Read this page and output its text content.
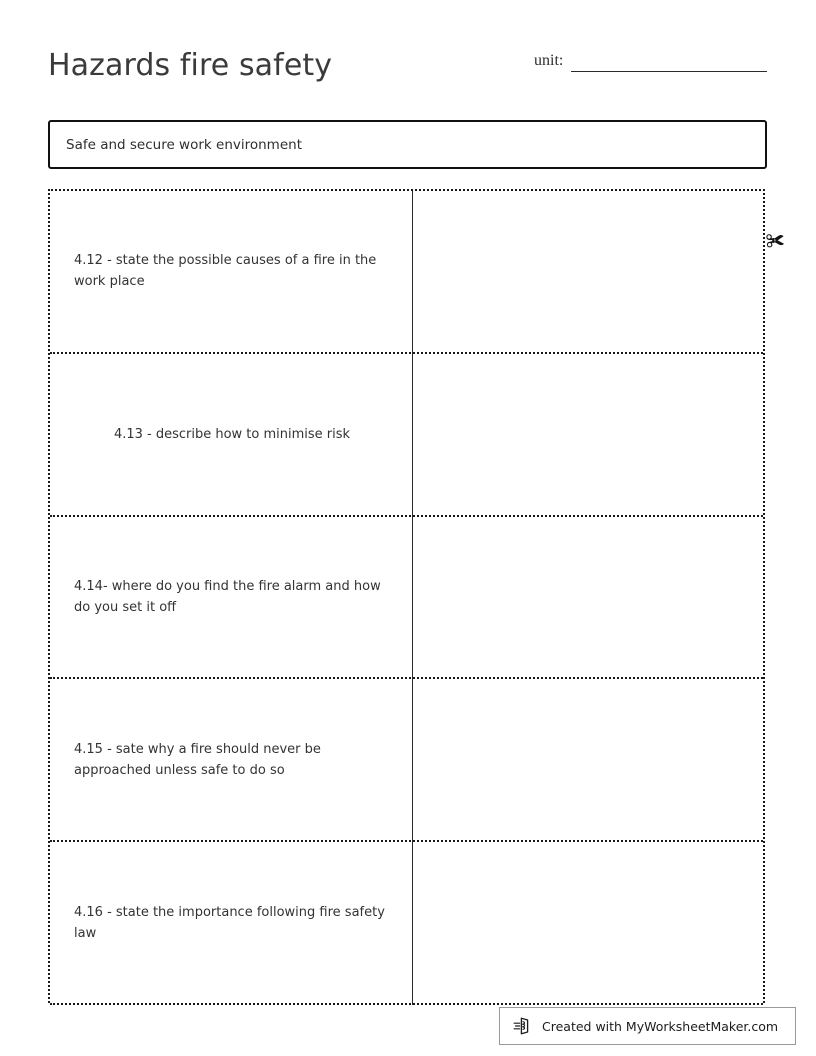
Hazards fire safety	unit:
Safe and secure work environment
4.12 - state the possible causes of a fire in the work place
4.13 - describe how to minimise risk
4.14- where do you find the fire alarm and how do you set it off
4.15 - sate why a fire should never be approached unless safe to do so
4.16 - state the importance following fire safety law
✀
Created with MyWorksheetMaker.com
